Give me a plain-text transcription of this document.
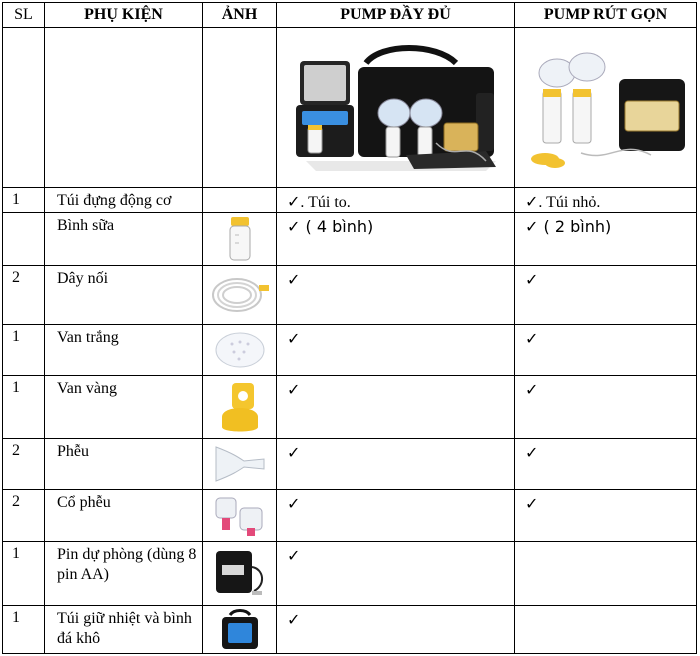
SL	PHỤ KIỆN	ẢNH	PUMP ĐẦY ĐỦ	PUMP RÚT GỌN

1	Túi đựng động cơ		✓. Túi to.	✓. Túi nhỏ.
	Bình sữa		✓ ( 4 bình)	✓ ( 2 bình)
2	Dây nối		✓	✓
1	Van trắng		✓	✓
1	Van vàng		✓	✓
2	Phễu		✓	✓
2	Cổ phễu		✓	✓
1	Pin dự phòng (dùng 8 pin AA)		✓	
1	Túi giữ nhiệt và bình đá khô		✓	
